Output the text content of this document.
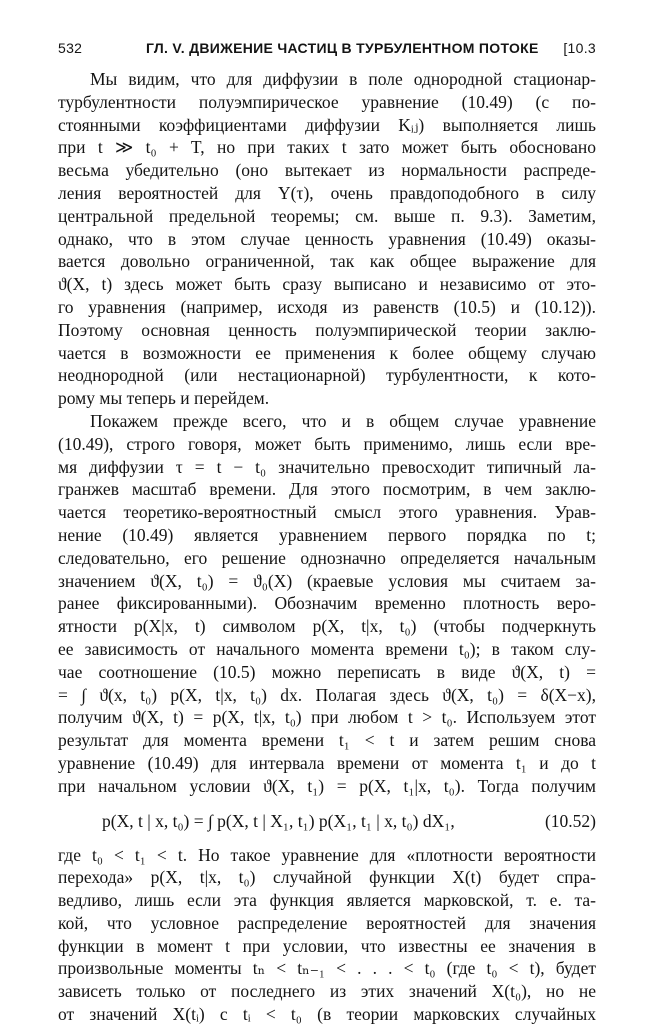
532	ГЛ. V. ДВИЖЕНИЕ ЧАСТИЦ В ТУРБУЛЕНТНОМ ПОТОКЕ [10.3
Мы видим, что для диффузии в поле однородной стационар-
турбулентности полуэмпирическое уравнение (10.49) (с по-
стоянными коэффициентами диффузии Kᵢⱼ) выполняется лишь
при t ≫ t₀ + T, но при таких t зато может быть обосновано
весьма убедительно (оно вытекает из нормальности распреде-
ления вероятностей для Y(τ), очень правдоподобного в силу
центральной предельной теоремы; см. выше п. 9.3). Заметим,
однако, что в этом случае ценность уравнения (10.49) оказы-
вается довольно ограниченной, так как общее выражение для
ϑ(X, t) здесь может быть сразу выписано и независимо от это-
го уравнения (например, исходя из равенств (10.5) и (10.12)).
Поэтому основная ценность полуэмпирической теории заклю-
чается в возможности ее применения к более общему случаю
неоднородной (или нестационарной) турбулентности, к кото-
рому мы теперь и перейдем.
Покажем прежде всего, что и в общем случае уравнение
(10.49), строго говоря, может быть применимо, лишь если вре-
мя диффузии τ = t − t₀ значительно превосходит типичный ла-
гранжев масштаб времени. Для этого посмотрим, в чем заклю-
чается теоретико-вероятностный смысл этого уравнения. Урав-
нение (10.49) является уравнением первого порядка по t;
следовательно, его решение однозначно определяется начальным
значением ϑ(X, t₀) = ϑ₀(X) (краевые условия мы считаем за-
ранее фиксированными). Обозначим временно плотность веро-
ятности p(X|x, t) символом p(X, t|x, t₀) (чтобы подчеркнуть
ее зависимость от начального момента времени t₀); в таком слу-
чае соотношение (10.5) можно переписать в виде ϑ(X, t) =
= ∫ ϑ(x, t₀) p(X, t|x, t₀) dx. Полагая здесь ϑ(X, t₀) = δ(X−x),
получим ϑ(X, t) = p(X, t|x, t₀) при любом t > t₀. Используем этот
результат для момента времени t₁ < t и затем решим снова
уравнение (10.49) для интервала времени от момента t₁ и до t
при начальном условии ϑ(X, t₁) = p(X, t₁|x, t₀). Тогда получим
p(X, t | x, t₀) = ∫ p(X, t | X₁, t₁) p(X₁, t₁ | x, t₀) dX₁,	(10.52)
где t₀ < t₁ < t. Но такое уравнение для «плотности вероятности
перехода» p(X, t|x, t₀) случайной функции X(t) будет спра-
ведливо, лишь если эта функция является марковской, т. е. та-
кой, что условное распределение вероятностей для значения
функции в момент t при условии, что известны ее значения в
произвольные моменты tₙ < tₙ₋₁ < . . . < t₀ (где t₀ < t), будет
зависеть только от последнего из этих значений X(t₀), но не
от значений X(tᵢ) с tᵢ < t₀ (в теории марковских случайных
